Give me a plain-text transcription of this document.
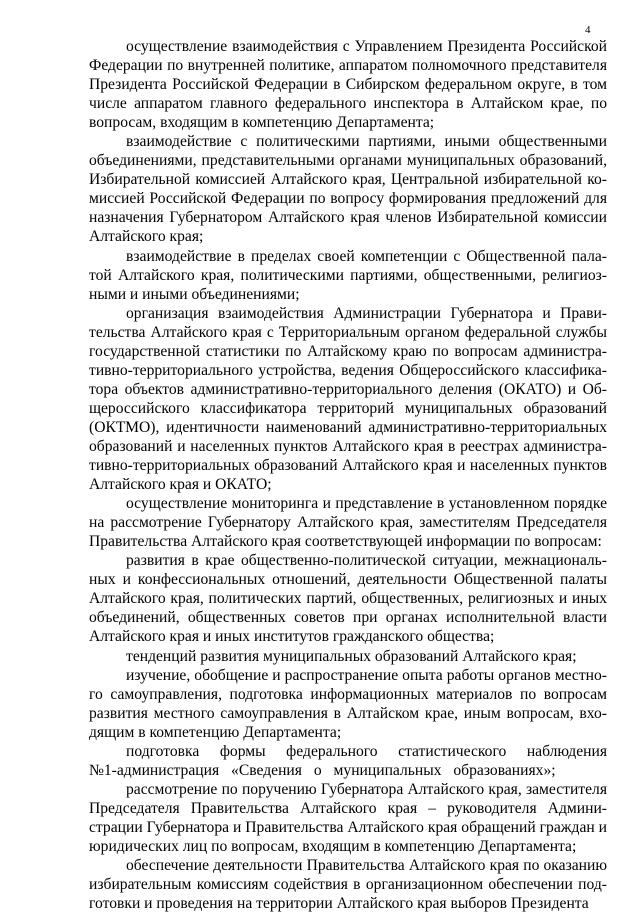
4

осуществление взаимодействия с Управлением Президента Российской Федерации по внутренней политике, аппаратом полномочного представителя Президента Российской Федерации в Сибирском федеральном округе, в том числе аппаратом главного федерального инспектора в Алтайском крае, по вопросам, входящим в компетенцию Департамента;

взаимодействие с политическими партиями, иными общественными объединениями, представительными органами муниципальных образований, Избирательной комиссией Алтайского края, Центральной избирательной комиссией Российской Федерации по вопросу формирования предложений для назначения Губернатором Алтайского края членов Избирательной комиссии Алтайского края;

взаимодействие в пределах своей компетенции с Общественной палатой Алтайского края, политическими партиями, общественными, религиозными и иными объединениями;

организация взаимодействия Администрации Губернатора и Правительства Алтайского края с Территориальным органом федеральной службы государственной статистики по Алтайскому краю по вопросам административно-территориального устройства, ведения Общероссийского классификатора объектов административно-территориального деления (ОКАТО) и Общероссийского классификатора территорий муниципальных образований (ОКТМО), идентичности наименований административно-территориальных образований и населенных пунктов Алтайского края в реестрах административно-территориальных образований Алтайского края и населенных пунктов Алтайского края и ОКАТО;

осуществление мониторинга и представление в установленном порядке на рассмотрение Губернатору Алтайского края, заместителям Председателя Правительства Алтайского края соответствующей информации по вопросам:

развития в крае общественно-политической ситуации, межнациональных и конфессиональных отношений, деятельности Общественной палаты Алтайского края, политических партий, общественных, религиозных и иных объединений, общественных советов при органах исполнительной власти Алтайского края и иных институтов гражданского общества;

тенденций развития муниципальных образований Алтайского края;

изучение, обобщение и распространение опыта работы органов местного самоуправления, подготовка информационных материалов по вопросам развития местного самоуправления в Алтайском крае, иным вопросам, входящим в компетенцию Департамента;

подготовка формы федерального статистического наблюдения №1-администрация «Сведения о муниципальных образованиях»;

рассмотрение по поручению Губернатора Алтайского края, заместителя Председателя Правительства Алтайского края – руководителя Администрации Губернатора и Правительства Алтайского края обращений граждан и юридических лиц по вопросам, входящим в компетенцию Департамента;

обеспечение деятельности Правительства Алтайского края по оказанию избирательным комиссиям содействия в организационном обеспечении подготовки и проведения на территории Алтайского края выборов Президента
